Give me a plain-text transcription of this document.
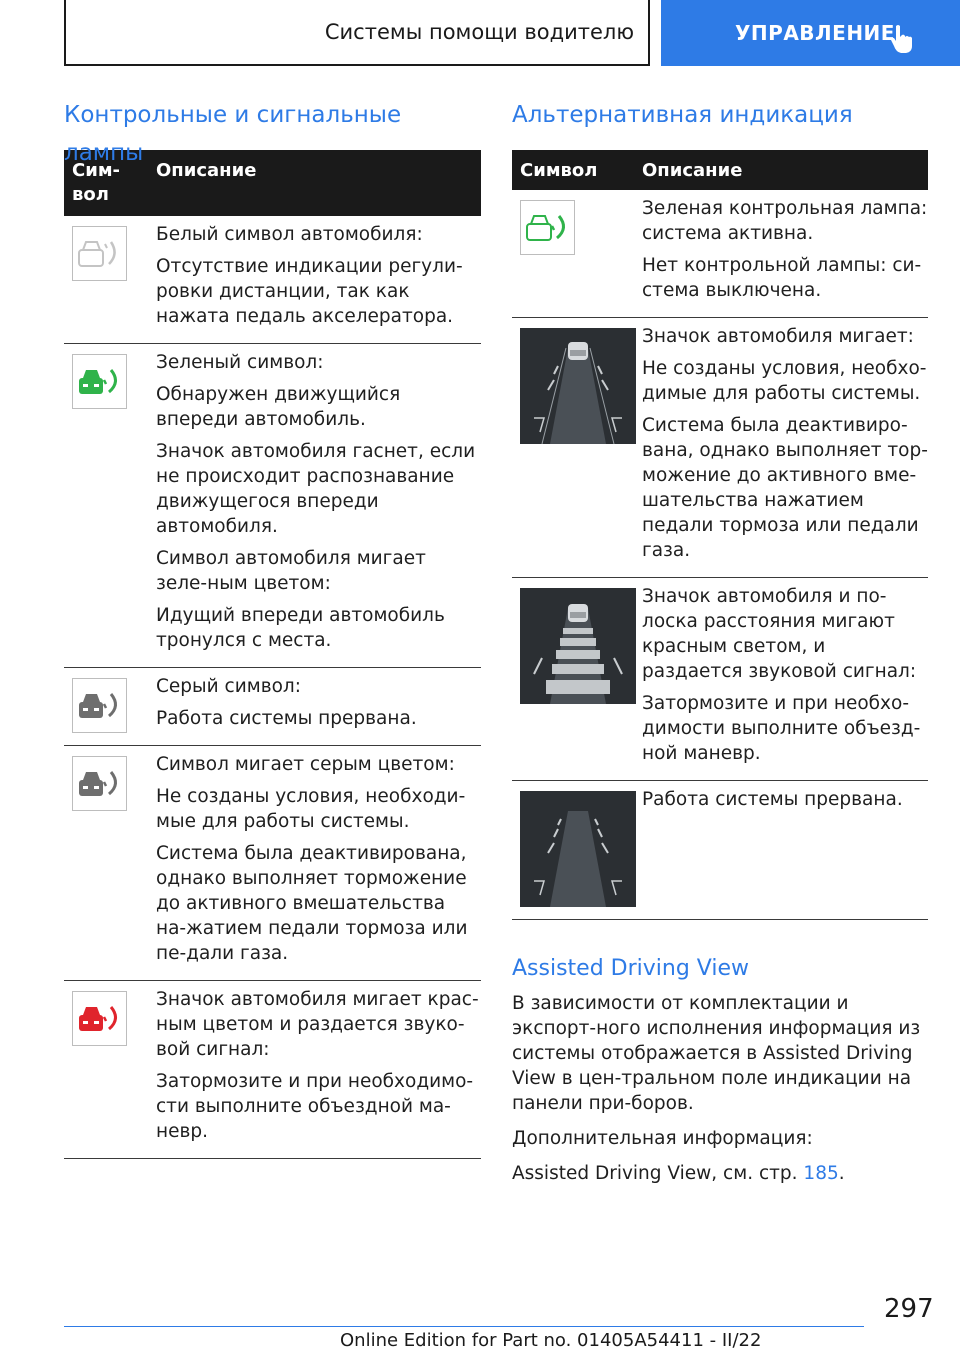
Системы помощи водителю	УПРАВЛЕНИЕ
Контрольные и сигнальные лампы
Сим‐
вол
Описание

Белый символ автомобиля:

Отсутствие индикации регули‐ровки дистанции, так как нажата педаль акселератора.

Зеленый символ:

Обнаружен движущийся впереди автомобиль.

Значок автомобиля гаснет, если не происходит распознавание движущегося впереди автомобиля.

Символ автомобиля мигает зеле‐ным цветом:

Идущий впереди автомобиль тронулся с места.

Серый символ:

Работа системы прервана.

Символ мигает серым цветом:

Не созданы условия, необходи‐мые для работы системы.

Система была деактивирована, однако выполняет торможение до активного вмешательства на‐жатием педали тормоза или пе‐дали газа.

Значок автомобиля мигает крас‐ным цветом и раздается звуко‐вой сигнал:

Затормозите и при необходимо‐сти выполните объездной ма‐невр.

Альтернативная индикация
Символ	Описание

Зеленая контрольная лампа: система активна.

Нет контрольной лампы: си‐стема выключена.

Значок автомобиля мигает:

Не созданы условия, необхо‐димые для работы системы.

Система была деактивиро‐вана, однако выполняет тор‐можение до активного вме‐шательства нажатием педали тормоза или педали газа.

Значок автомобиля и по‐лоска расстояния мигают красным светом, и раздается звуковой сигнал:

Затормозите и при необхо‐димости выполните объезд‐ной маневр.

Работа системы прервана.

Assisted Driving View

В зависимости от комплектации и экспорт‐ного исполнения информация из системы отображается в Assisted Driving View в цен‐тральном поле индикации на панели при‐боров.

Дополнительная информация:

Assisted Driving View, см. стр. 185.

297
Online Edition for Part no. 01405A54411 - II/22
